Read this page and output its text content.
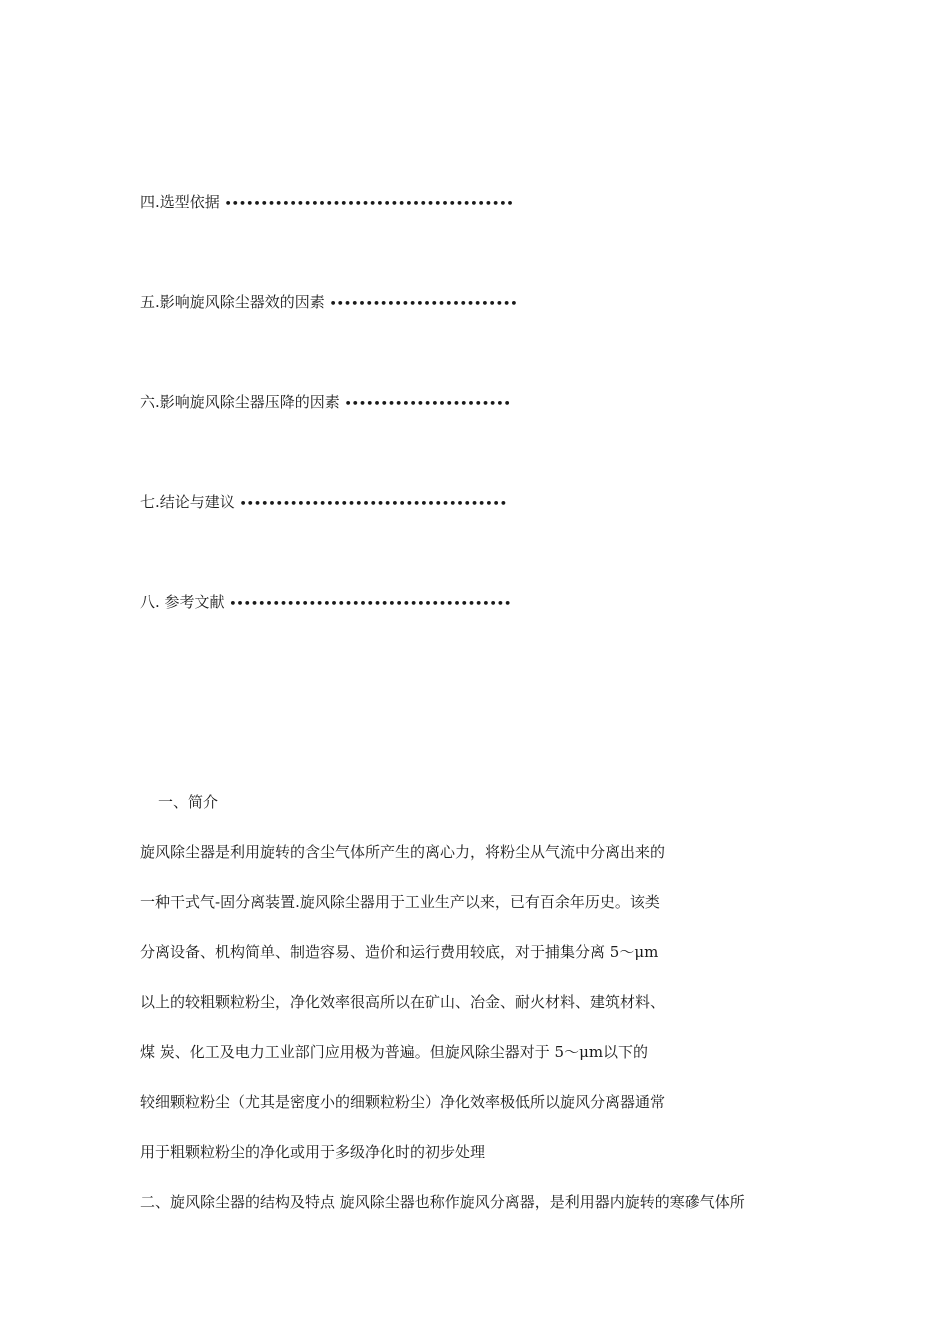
四.选型依据 ••••••••••••••••••••••••••••••••••••••••
五.影响旋风除尘器效的因素 ••••••••••••••••••••••••••
六.影响旋风除尘器压降的因素 •••••••••••••••••••••••
七.结论与建议 •••••••••••••••••••••••••••••••••••••
八. 参考文献 •••••••••••••••••••••••••••••••••••••••
一、简介
旋风除尘器是利用旋转的含尘气体所产生的离心力，将粉尘从气流中分离出来的
一种干式气-固分离装置.旋风除尘器用于工业生产以来，已有百余年历史。该类
分离设备、机构简单、制造容易、造价和运行费用较底，对于捕集分离 5～μm
以上的较粗颗粒粉尘，净化效率很高所以在矿山、冶金、耐火材料、建筑材料、
煤 炭、化工及电力工业部门应用极为普遍。但旋风除尘器对于 5～μm以下的
较细颗粒粉尘（尤其是密度小的细颗粒粉尘）净化效率极低所以旋风分离器通常
用于粗颗粒粉尘的净化或用于多级净化时的初步处理
二、旋风除尘器的结构及特点 旋风除尘器也称作旋风分离器，是利用器内旋转的寒磣气体所
